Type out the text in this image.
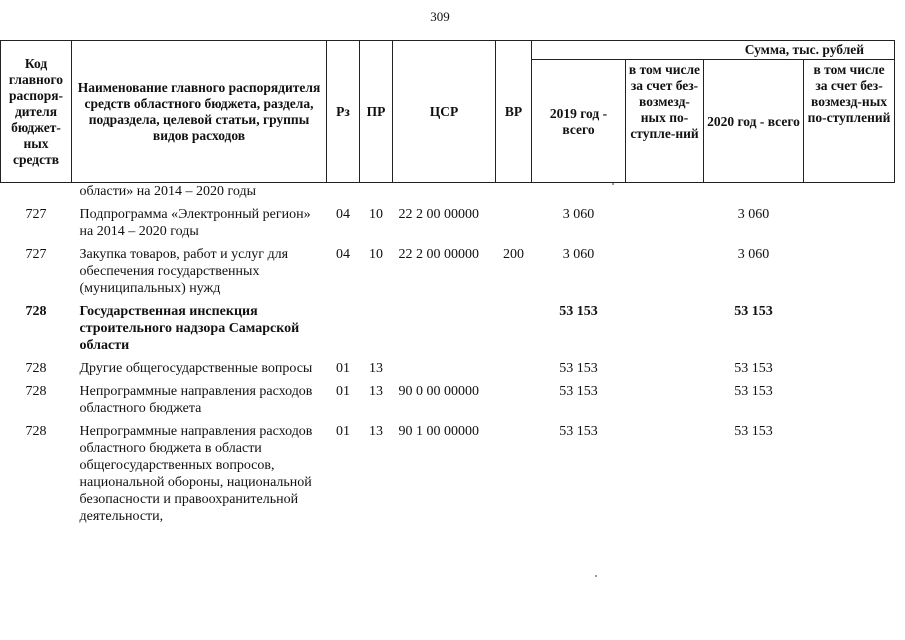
309
Код главного распоря-дителя бюджет-ных средств	Наименование главного распорядителя средств областного бюджета, раздела, подраздела, целевой статьи, группы видов расходов	Рз	ПР	ЦСР	ВР	Сумма, тыс. рублей			
						2019 год - всего	в том числе за счет без-возмезд-ных по-ступле-ний	2020 год - всего	в том числе за счет без-возмезд-ных по-ступлений
	области» на 2014 – 2020 годы								
727	Подпрограмма «Электронный регион» на 2014 – 2020 годы	04	10	22 2 00 00000		3 060		3 060	
727	Закупка товаров, работ и услуг для обеспечения государственных (муниципальных) нужд	04	10	22 2 00 00000	200	3 060		3 060	
728	Государственная инспекция строительного надзора Самарской области					53 153		53 153	
728	Другие общегосударственные вопросы	01	13			53 153		53 153	
728	Непрограммные направления расходов областного бюджета	01	13	90 0 00 00000		53 153		53 153	
728	Непрограммные направления расходов областного бюджета в области общегосударственных вопросов, национальной обороны, национальной безопасности и правоохранительной деятельности,	01	13	90 1 00 00000		53 153		53 153	
